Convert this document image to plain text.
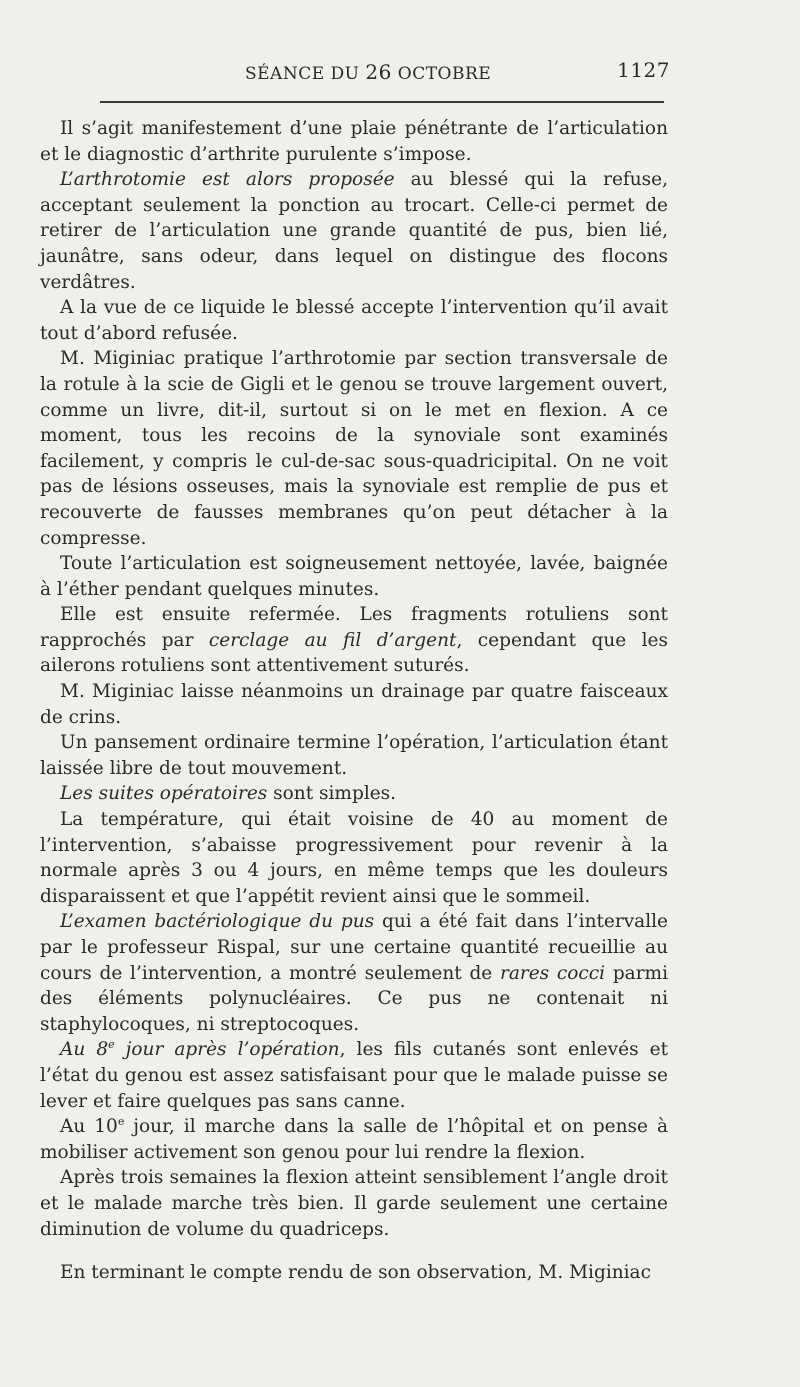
SÉANCE DU 26 OCTOBRE	1127

Il s’agit manifestement d’une plaie pénétrante de l’articulation et le diagnostic d’arthrite purulente s’impose.

L’arthrotomie est alors proposée au blessé qui la refuse, acceptant seulement la ponction au trocart. Celle-ci permet de retirer de l’articulation une grande quantité de pus, bien lié, jaunâtre, sans odeur, dans lequel on distingue des flocons verdâtres.

A la vue de ce liquide le blessé accepte l’intervention qu’il avait tout d’abord refusée.

M. Miginiac pratique l’arthrotomie par section transversale de la rotule à la scie de Gigli et le genou se trouve largement ouvert, comme un livre, dit-il, surtout si on le met en flexion. A ce moment, tous les recoins de la synoviale sont examinés facilement, y compris le cul-de-sac sous-quadricipital. On ne voit pas de lésions osseuses, mais la synoviale est remplie de pus et recouverte de fausses membranes qu’on peut détacher à la compresse.

Toute l’articulation est soigneusement nettoyée, lavée, baignée à l’éther pendant quelques minutes.

Elle est ensuite refermée. Les fragments rotuliens sont rapprochés par cerclage au fil d’argent, cependant que les ailerons rotuliens sont attentivement suturés.

M. Miginiac laisse néanmoins un drainage par quatre faisceaux de crins.

Un pansement ordinaire termine l’opération, l’articulation étant laissée libre de tout mouvement.

Les suites opératoires sont simples.

La température, qui était voisine de 40 au moment de l’intervention, s’abaisse progressivement pour revenir à la normale après 3 ou 4 jours, en même temps que les douleurs disparaissent et que l’appétit revient ainsi que le sommeil.

L’examen bactériologique du pus qui a été fait dans l’intervalle par le professeur Rispal, sur une certaine quantité recueillie au cours de l’intervention, a montré seulement de rares cocci parmi des éléments polynucléaires. Ce pus ne contenait ni staphylocoques, ni streptocoques.

Au 8e jour après l’opération, les fils cutanés sont enlevés et l’état du genou est assez satisfaisant pour que le malade puisse se lever et faire quelques pas sans canne.

Au 10e jour, il marche dans la salle de l’hôpital et on pense à mobiliser activement son genou pour lui rendre la flexion.

Après trois semaines la flexion atteint sensiblement l’angle droit et le malade marche très bien. Il garde seulement une certaine diminution de volume du quadriceps.

En terminant le compte rendu de son observation, M. Miginiac
